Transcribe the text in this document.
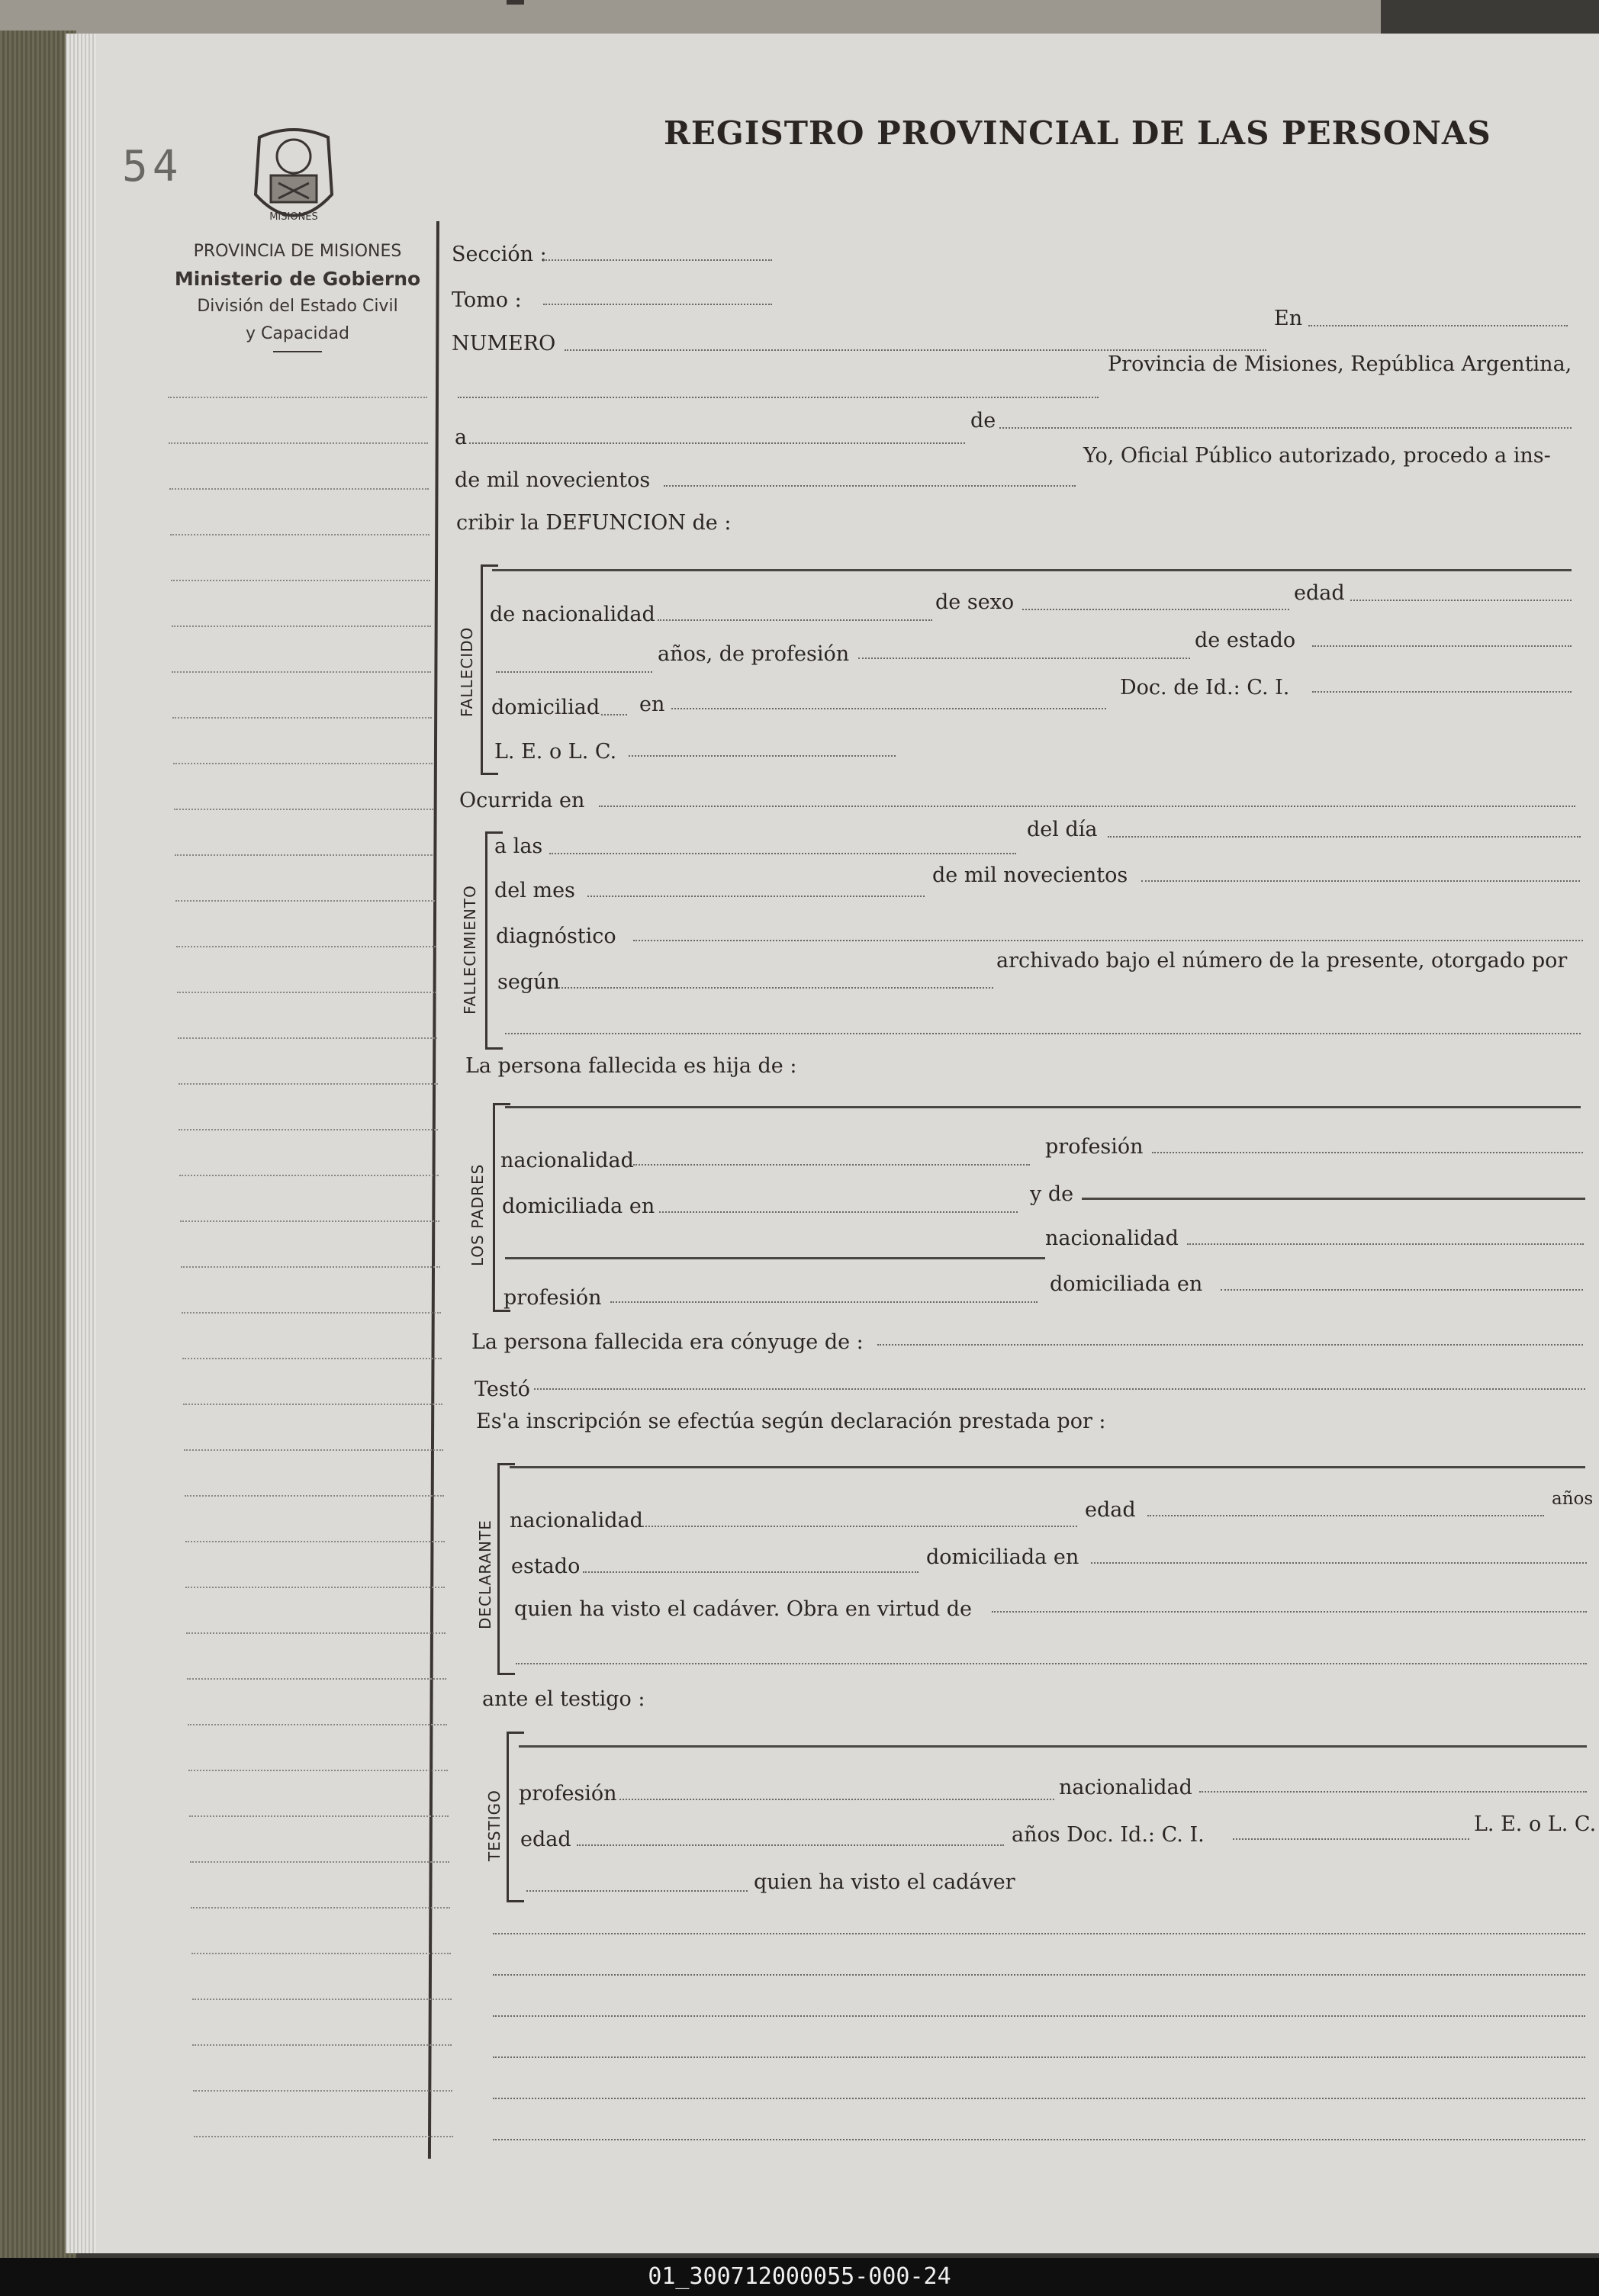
54
MISIONES
REGISTRO PROVINCIAL DE LAS PERSONAS
PROVINCIA DE MISIONES
Ministerio de Gobierno
División del Estado Civil
y Capacidad
Sección :
Tomo :
NUMERO
En
Provincia de Misiones, República Argentina,
a
de
de mil novecientos
Yo, Oficial Público autorizado, procedo a ins-
cribir la DEFUNCION de :
FALLECIDO
de nacionalidad
de sexo	edad
años, de profesión
de estado
domiciliad en
Doc. de Id.: C. I.
L. E. o L. C.
Ocurrida en
FALLECIMIENTO
a las
del día
del mes
de mil novecientos
diagnóstico
según
archivado bajo el número de la presente, otorgado por
La persona fallecida es hija de :
LOS PADRES
nacionalidad
profesión
domiciliada en
y de
nacionalidad
profesión
domiciliada en
La persona fallecida era cónyuge de :
Testó
Es'a inscripción se efectúa según declaración prestada por :
DECLARANTE nacionalidad	edad	años
estado	domiciliada en
quien ha visto el cadáver. Obra en virtud de
ante el testigo :
TESTIGO profesión	nacionalidad
edad	años Doc. Id.: C. I.	L. E. o L. C.
quien ha visto el cadáver
01_300712000055-000-24
